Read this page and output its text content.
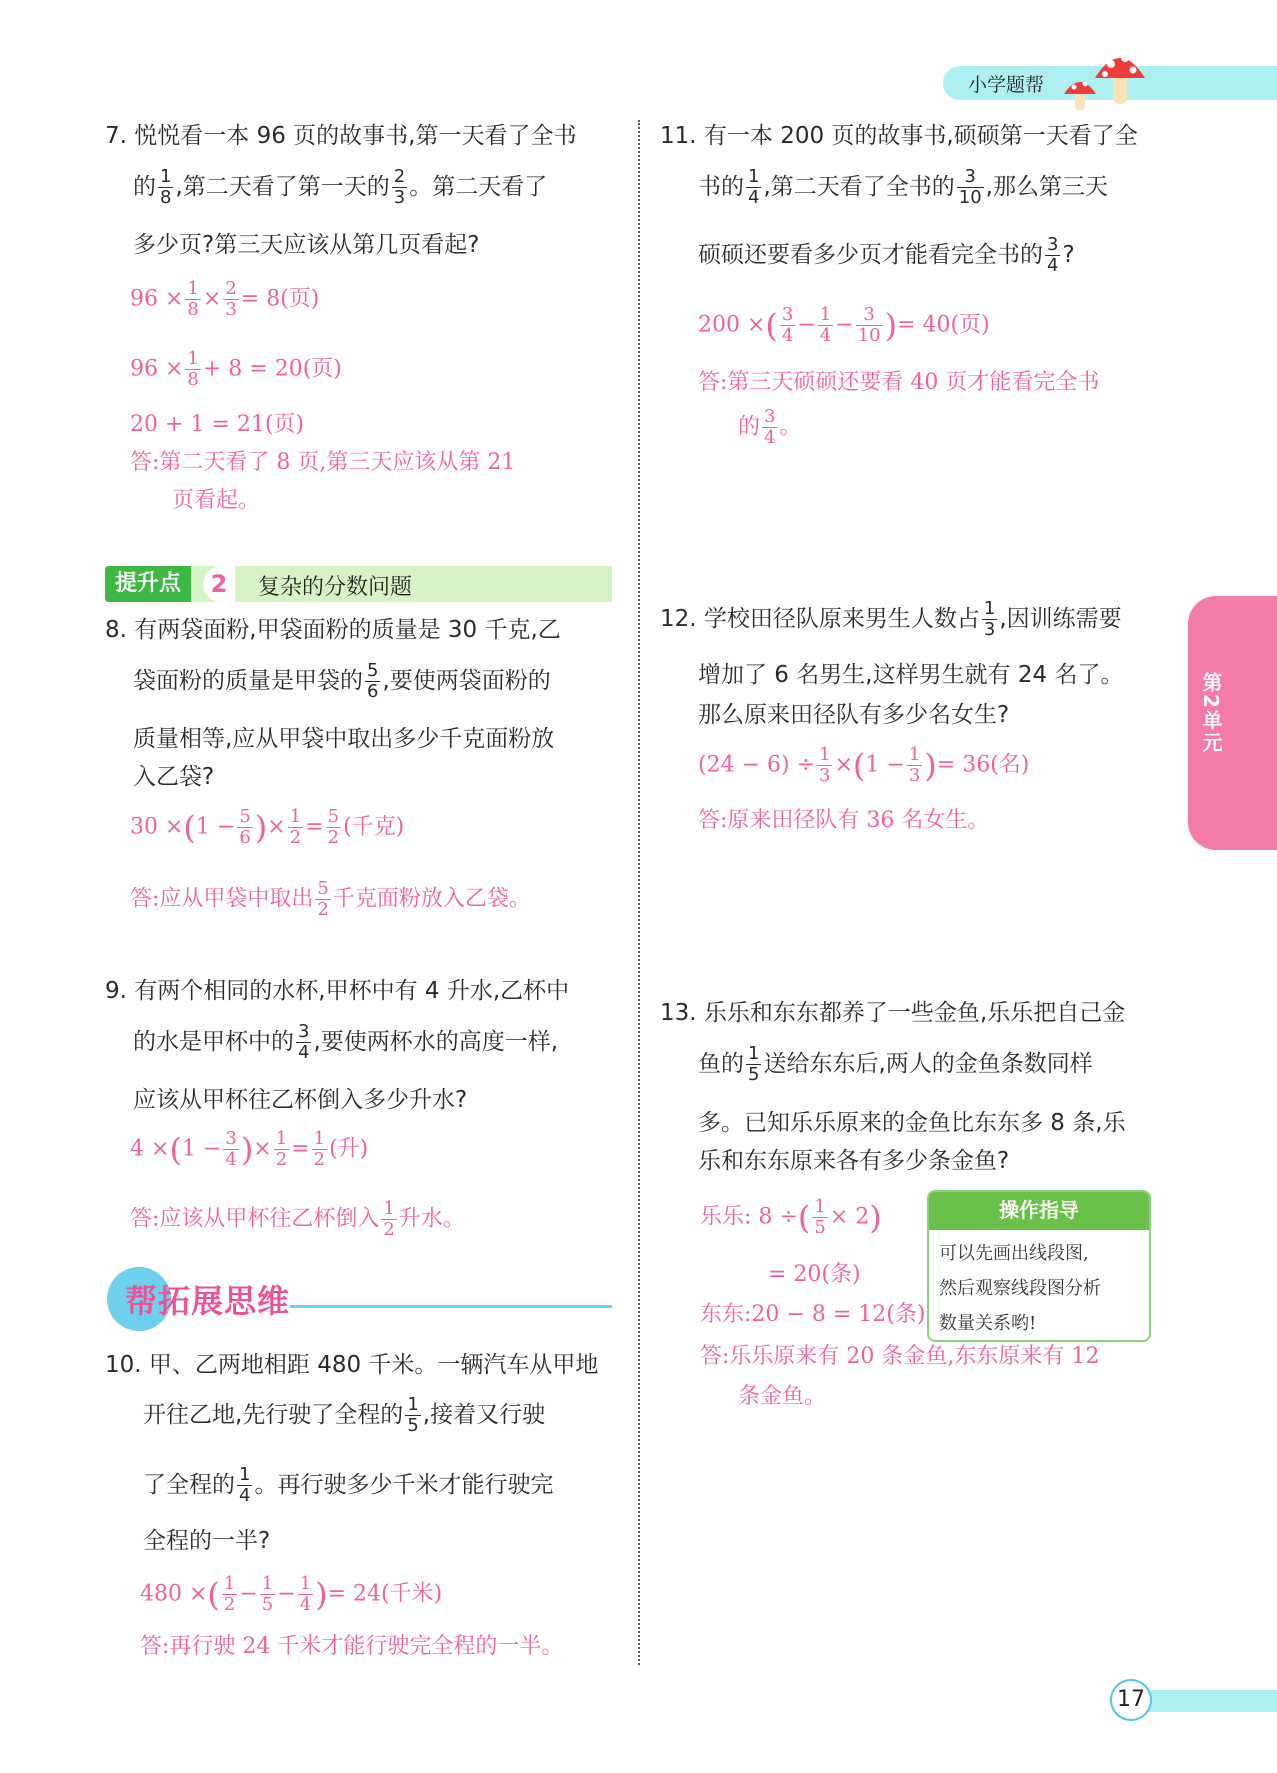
小学题帮
第2单元
7. 悦悦看一本 96 页的故事书,第一天看了全书
的 $\frac{1}{8}$ ,第二天看了第一天的 $\frac{2}{3}$ 。第二天看了
多少页?第三天应该从第几页看起?
$96 \times \frac{1}{8} \times \frac{2}{3} = 8$(页)
$96 \times \frac{1}{8} + 8 = 20$(页)
20 + 1 = 21(页)
答:第二天看了 8 页,第三天应该从第 21
页看起。
提升点	2	复杂的分数问题
8. 有两袋面粉,甲袋面粉的质量是 30 千克,乙
袋面粉的质量是甲袋的 $\frac{5}{6}$ ,要使两袋面粉的
质量相等,应从甲袋中取出多少千克面粉放
入乙袋?
$30 \times(1 - \frac{5}{6}$ )× $\frac{1}{2} = \frac{5}{2}$ (千克)
答:应从甲袋中取出 $\frac{5}{2}$ 千克面粉放入乙袋。
9. 有两个相同的水杯,甲杯中有 4 升水,乙杯中
的水是甲杯中的 $\frac{3}{4}$ ,要使两杯水的高度一样,
应该从甲杯往乙杯倒入多少升水?
$4 \times(1 - \frac{3}{4}$ )× $\frac{1}{2} = \frac{1}{2}$ (升)
答:应该从甲杯往乙杯倒入 $\frac{1}{2}$ 升水。
帮拓展思维
10. 甲、乙两地相距 480 千米。一辆汽车从甲地
开往乙地,先行驶了全程的 $\frac{1}{5}$ ,接着又行驶
了全程的 $\frac{1}{4}$ 。再行驶多少千米才能行驶完
全程的一半?
480 ×( $\frac{1}{2} - \frac{1}{5} - \frac{1}{4}$ )= 24(千米)
答:再行驶 24 千米才能行驶完全程的一半。
11. 有一本 200 页的故事书,硕硕第一天看了全
书的 $\frac{1}{4}$ ,第二天看了全书的 $\frac{3}{10}$ ,那么第三天
硕硕还要看多少页才能看完全书的 $\frac{3}{4}$ ?
200 ×( $\frac{3}{4} - \frac{1}{4} - \frac{3}{10}$ )= 40(页)
答:第三天硕硕还要看 40 页才能看完全书
的 $\frac{3}{4}$ 。
12. 学校田径队原来男生人数占 $\frac{1}{3}$ ,因训练需要
增加了 6 名男生,这样男生就有 24 名了。
那么原来田径队有多少名女生?
$(24 - 6) \div \frac{1}{3} \times(1 - \frac{1}{3}$ )= 36(名)
答:原来田径队有 36 名女生。
13. 乐乐和东东都养了一些金鱼,乐乐把自己金
鱼的 $\frac{1}{5}$ 送给东东后,两人的金鱼条数同样
多。已知乐乐原来的金鱼比东东多 8 条,乐
乐和东东原来各有多少条金鱼?
乐乐: 8 ÷( $\frac{1}{5} \times 2$)
= 20(条)
东东:20 − 8 = 12(条)
答:乐乐原来有 20 条金鱼,东东原来有 12
条金鱼。
操作指导
可以先画出线段图,
然后观察线段图分析
数量关系哟!
17
